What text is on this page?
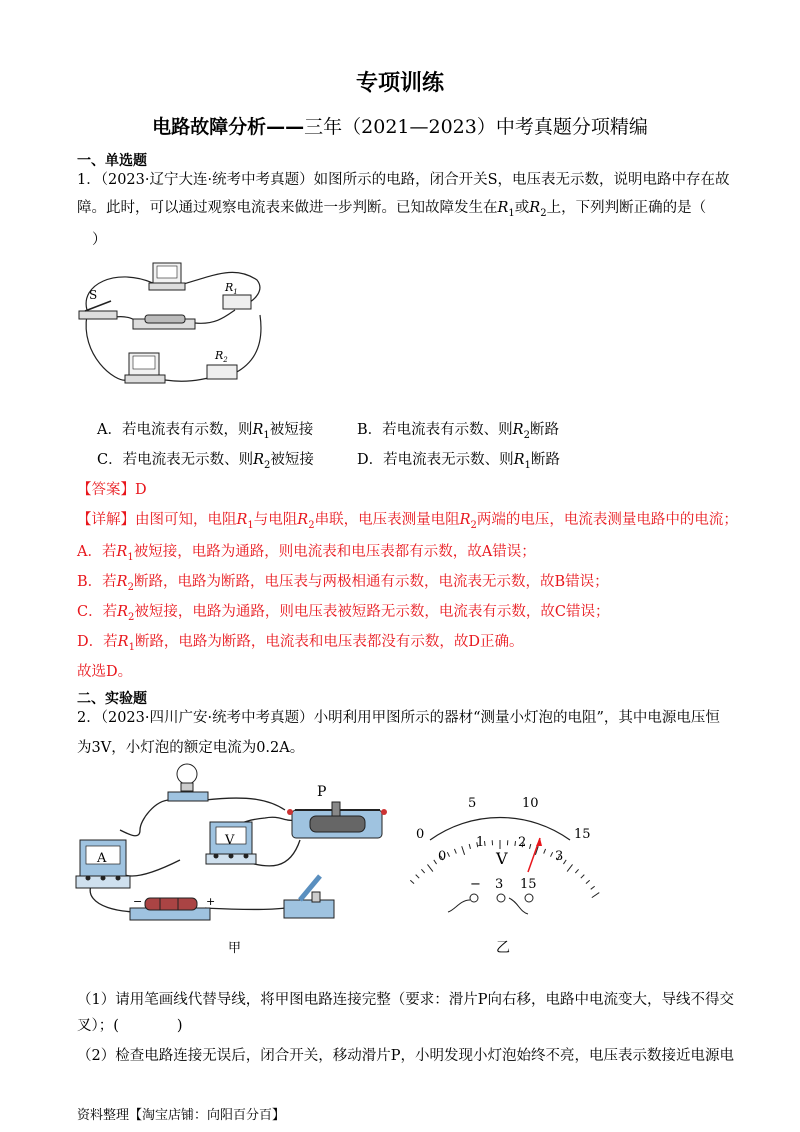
专项训练
电路故障分析——三年（2021—2023）中考真题分项精编
一、单选题
1．（2023·辽宁大连·统考中考真题）如图所示的电路，闭合开关S，电压表无示数，说明电路中存在故
障。此时，可以通过观察电流表来做进一步判断。已知故障发生在$R_1$或$R_2$上，下列判断正确的是（
）
S
$R_1$
$R_2$
A．若电流表有示数，则$R_1$被短接	B．若电流表有示数、则$R_2$断路
C．若电流表无示数、则$R_2$被短接	D．若电流表无示数、则$R_1$断路
【答案】D
【详解】由图可知，电阻$R_1$与电阻$R_2$串联，电压表测量电阻$R_2$两端的电压，电流表测量电路中的电流；
A．若$R_1$被短接，电路为通路，则电流表和电压表都有示数，故A错误；
B．若$R_2$断路，电路为断路，电压表与两极相通有示数，电流表无示数，故B错误；
C．若$R_2$被短接，电路为通路，则电压表被短路无示数，电流表有示数，故C错误；
D．若$R_1$断路，电路为断路，电流表和电压表都没有示数，故D正确。
故选D。
二、实验题
2．（2023·四川广安·统考中考真题）小明利用甲图所示的器材“测量小灯泡的电阻”，其中电源电压恒
为3V，小灯泡的额定电流为0.2A。
P
A
V
−	+
甲
0
5	10
15
0
1	2
3
V
− 3 15
乙
（1）请用笔画线代替导线，将甲图电路连接完整（要求：滑片P向右移，电路中电流变大，导线不得交
叉）；(　　　　)
（2）检查电路连接无误后，闭合开关，移动滑片P，小明发现小灯泡始终不亮，电压表示数接近电源电
资料整理【淘宝店铺：向阳百分百】
